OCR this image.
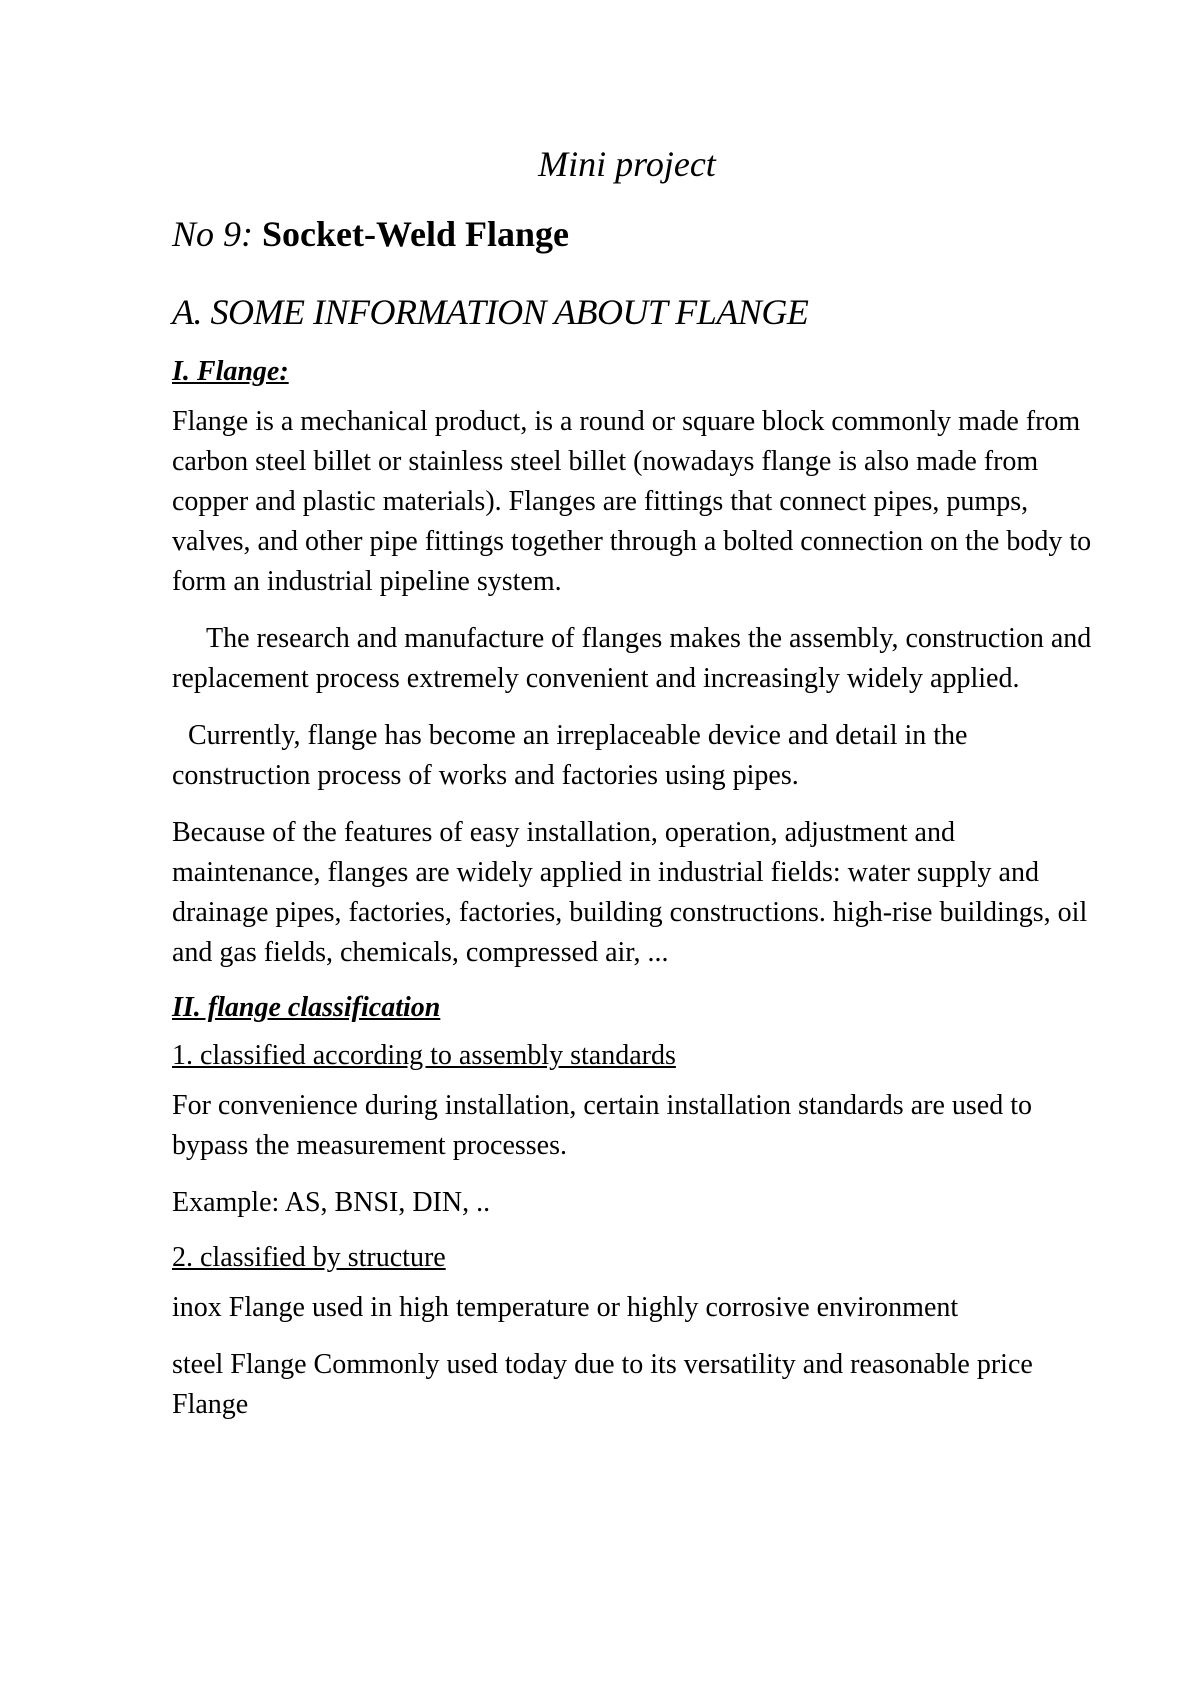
Mini project
No 9: Socket-Weld Flange
A. SOME INFORMATION ABOUT FLANGE
I. Flange:

Flange is a mechanical product, is a round or square block commonly made from carbon steel billet or stainless steel billet (nowadays flange is also made from copper and plastic materials). Flanges are fittings that connect pipes, pumps, valves, and other pipe fittings together through a bolted connection on the body to form an industrial pipeline system.

The research and manufacture of flanges makes the assembly, construction and replacement process extremely convenient and increasingly widely applied.

Currently, flange has become an irreplaceable device and detail in the construction process of works and factories using pipes.

Because of the features of easy installation, operation, adjustment and maintenance, flanges are widely applied in industrial fields: water supply and drainage pipes, factories, factories, building constructions. high-rise buildings, oil and gas fields, chemicals, compressed air, ...

II. flange classification
1. classified according to assembly standards

For convenience during installation, certain installation standards are used to bypass the measurement processes.

Example: AS, BNSI, DIN, ..

2. classified by structure

inox Flange used in high temperature or highly corrosive environment

steel Flange Commonly used today due to its versatility and reasonable price Flange
